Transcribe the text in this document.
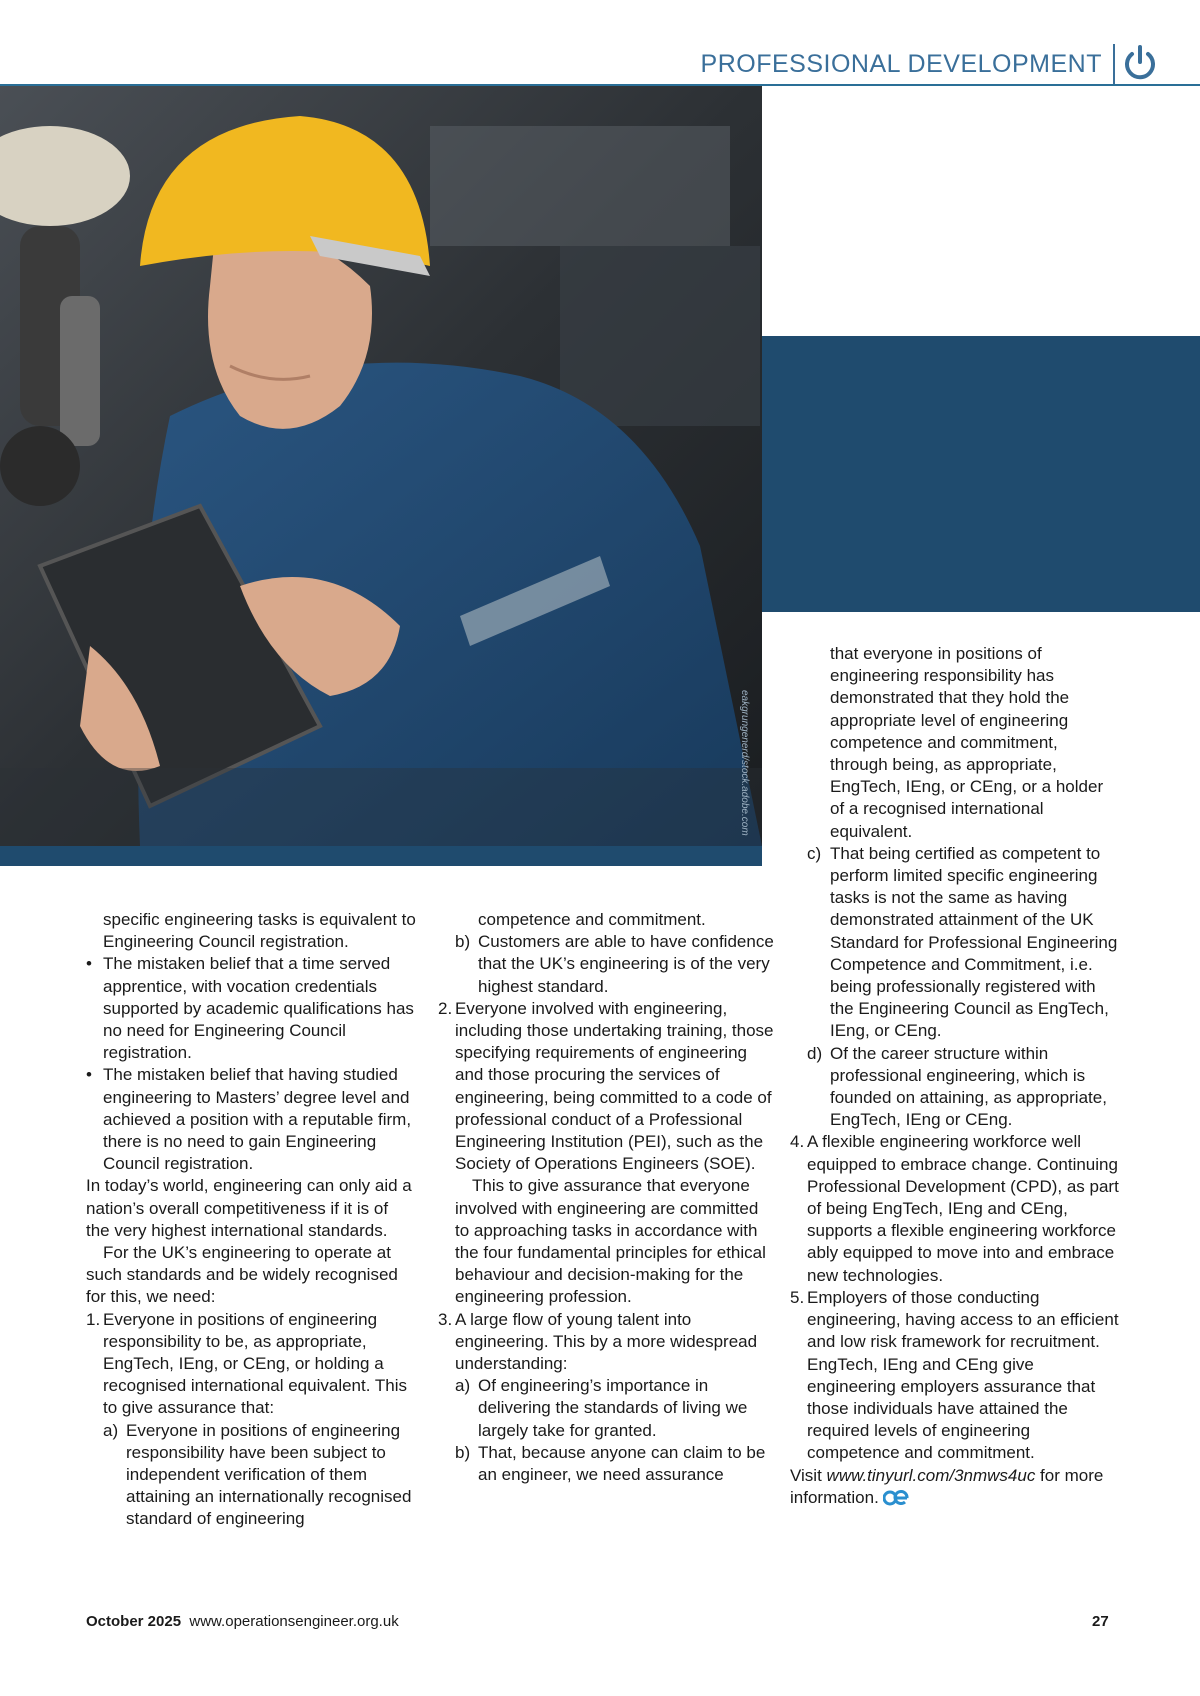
PROFESSIONAL DEVELOPMENT
eakgrungenerd/stock.adobe.com

specific engineering tasks is equivalent to Engineering Council registration.

• The mistaken belief that a time served apprentice, with vocation credentials supported by academic qualifications has no need for Engineering Council registration.
• The mistaken belief that having studied engineering to Masters’ degree level and achieved a position with a reputable firm, there is no need to gain Engineering Council registration.

In today’s world, engineering can only aid a nation’s overall competitiveness if it is of the very highest international standards.

For the UK’s engineering to operate at such standards and be widely recognised for this, we need:

1. Everyone in positions of engineering responsibility to be, as appropriate, EngTech, IEng, or CEng, or holding a recognised international equivalent. This to give assurance that:
a) Everyone in positions of engineering responsibility have been subject to independent verification of them attaining an internationally recognised standard of engineering

competence and commitment.

b) Customers are able to have confidence that the UK’s engineering is of the very highest standard.
2. Everyone involved with engineering, including those undertaking training, those specifying requirements of engineering and those procuring the services of engineering, being committed to a code of professional conduct of a Professional Engineering Institution (PEI), such as the Society of Operations Engineers (SOE).

This to give assurance that everyone involved with engineering are committed to approaching tasks in accordance with the four fundamental principles for ethical behaviour and decision-making for the engineering profession.

3. A large flow of young talent into engineering. This by a more widespread understanding:
a) Of engineering’s importance in delivering the standards of living we largely take for granted.
b) That, because anyone can claim to be an engineer, we need assurance

that everyone in positions of engineering responsibility has demonstrated that they hold the appropriate level of engineering competence and commitment, through being, as appropriate, EngTech, IEng, or CEng, or a holder of a recognised international equivalent.

c) That being certified as competent to perform limited specific engineering tasks is not the same as having demonstrated attainment of the UK Standard for Professional Engineering Competence and Commitment, i.e. being professionally registered with the Engineering Council as EngTech, IEng, or CEng.
d) Of the career structure within professional engineering, which is founded on attaining, as appropriate, EngTech, IEng or CEng.
4. A flexible engineering workforce well equipped to embrace change. Continuing Professional Development (CPD), as part of being EngTech, IEng and CEng, supports a flexible engineering workforce ably equipped to move into and embrace new technologies.
5. Employers of those conducting engineering, having access to an efficient and low risk framework for recruitment. EngTech, IEng and CEng give engineering employers assurance that those individuals have attained the required levels of engineering competence and commitment.

Visit www.tinyurl.com/3nmws4uc for more information.

October 2025 www.operationsengineer.org.uk	27
